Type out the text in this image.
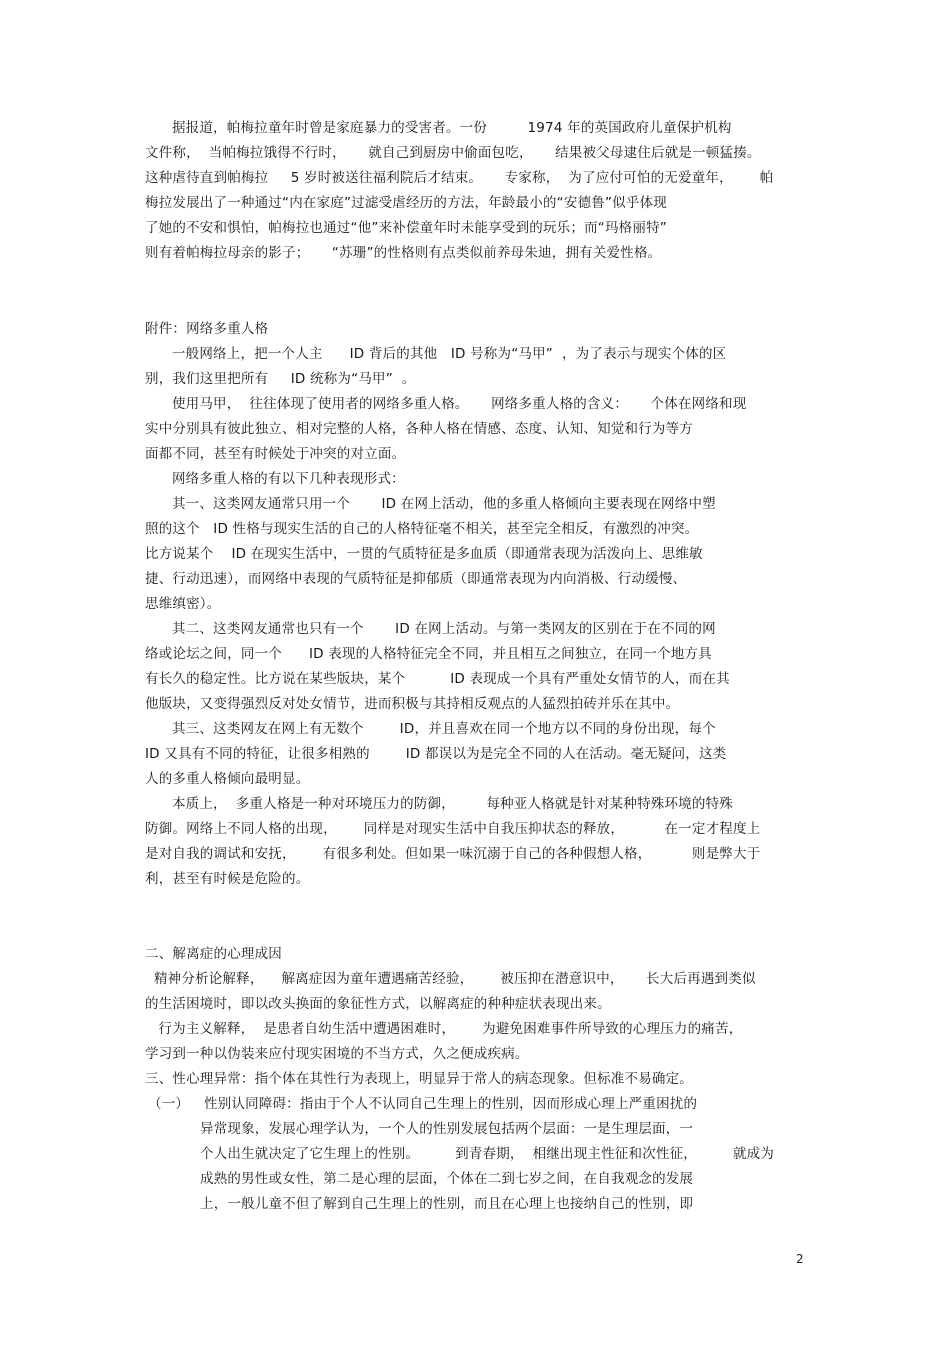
据报道，帕梅拉童年时曾是家庭暴力的受害者。一份         1974 年的英国政府儿童保护机构
文件称，  当帕梅拉饿得不行时，     就自己到厨房中偷面包吃，     结果被父母逮住后就是一顿猛揍。
这种虐待直到帕梅拉     5 岁时被送往福利院后才结束。     专家称，  为了应付可怕的无爱童年，      帕
梅拉发展出了一种通过“内在家庭”过滤受虐经历的方法，年龄最小的“安德鲁”似乎体现
了她的不安和惧怕，帕梅拉也通过“他”来补偿童年时未能享受到的玩乐；而“玛格丽特”
则有着帕梅拉母亲的影子；     “苏珊”的性格则有点类似前养母朱迪，拥有关爱性格。
附件：网络多重人格
一般网络上，把一个人主      ID 背后的其他   ID 号称为“马甲”  ，为了表示与现实个体的区
别，我们这里把所有     ID 统称为“马甲”  。
使用马甲，  往往体现了使用者的网络多重人格。     网络多重人格的含义：     个体在网络和现
实中分别具有彼此独立、相对完整的人格，各种人格在情感、态度、认知、知觉和行为等方
面都不同，甚至有时候处于冲突的对立面。
网络多重人格的有以下几种表现形式：
其一、这类网友通常只用一个       ID 在网上活动，他的多重人格倾向主要表现在网络中塑
照的这个   ID 性格与现实生活的自己的人格特征毫不相关，甚至完全相反，有激烈的冲突。
比方说某个    ID 在现实生活中，一贯的气质特征是多血质（即通常表现为活泼向上、思维敏
捷、行动迅速），而网络中表现的气质特征是抑郁质（即通常表现为内向消极、行动缓慢、
思维缜密）。
其二、这类网友通常也只有一个       ID 在网上活动。与第一类网友的区别在于在不同的网
络或论坛之间，同一个      ID 表现的人格特征完全不同，并且相互之间独立，在同一个地方具
有长久的稳定性。比方说在某些版块，某个          ID 表现成一个具有严重处女情节的人，而在其
他版块，又变得强烈反对处女情节，进而积极与其持相反观点的人猛烈拍砖并乐在其中。
其三、这类网友在网上有无数个        ID，并且喜欢在同一个地方以不同的身份出现，每个
ID 又具有不同的特征，让很多相熟的        ID 都误以为是完全不同的人在活动。毫无疑问，这类
人的多重人格倾向最明显。
本质上，  多重人格是一种对环境压力的防御，       每种亚人格就是针对某种特殊环境的特殊
防御。网络上不同人格的出现，      同样是对现实生活中自我压抑状态的释放，         在一定才程度上
是对自我的调试和安抚，      有很多利处。但如果一味沉溺于自己的各种假想人格，         则是弊大于
利，甚至有时候是危险的。
二、解离症的心理成因
精神分析论解释，    解离症因为童年遭遇痛苦经验，      被压抑在潜意识中，     长大后再遇到类似
的生活困境时，即以改头换面的象征性方式，以解离症的种种症状表现出来。
行为主义解释，  是患者自幼生活中遭遇困难时，      为避免困难事件所导致的心理压力的痛苦，
学习到一种以伪装来应付现实困境的不当方式，久之便成疾病。
三、性心理异常：指个体在其性行为表现上，明显异于常人的病态现象。但标准不易确定。
（一）
性别认同障碍：指由于个人不认同自己生理上的性别，因而形成心理上严重困扰的
异常现象，发展心理学认为，一个人的性别发展包括两个层面：一是生理层面，一
个人出生就决定了它生理上的性别。        到青春期，  相继出现主性征和次性征，        就成为
成熟的男性或女性，第二是心理的层面，个体在二到七岁之间，在自我观念的发展
上，一般儿童不但了解到自己生理上的性别，而且在心理上也接纳自己的性别，即
2
